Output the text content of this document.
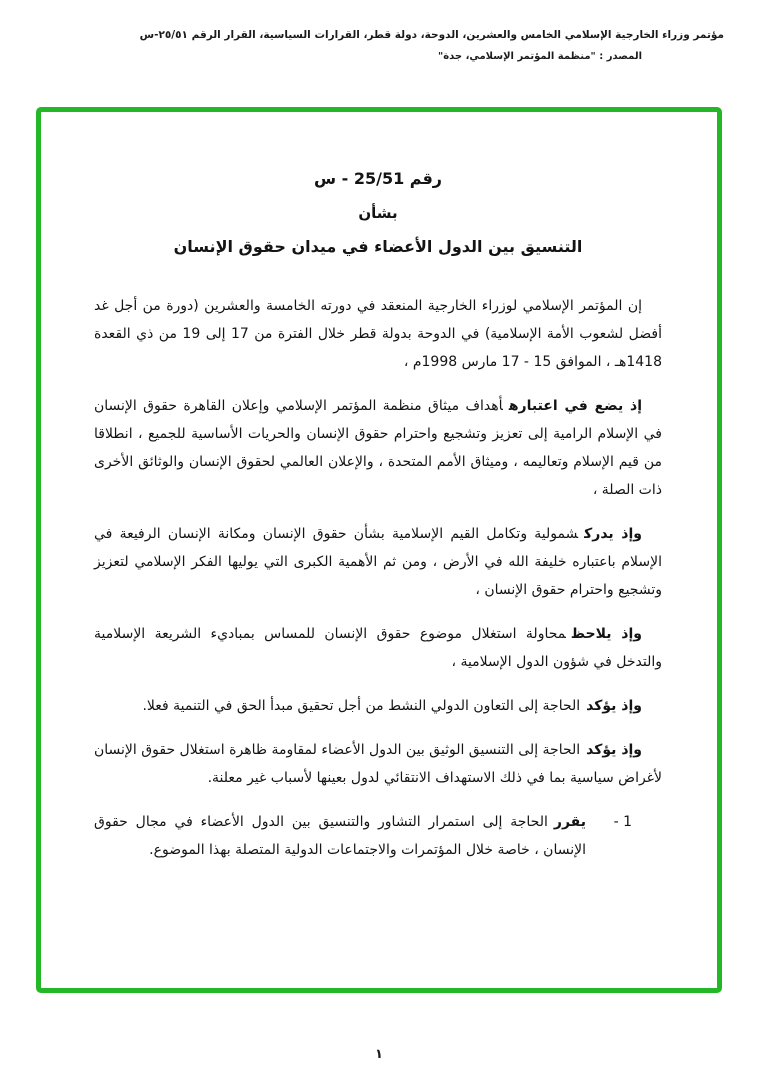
مؤتمر وزراء الخارجية الإسلامي الخامس والعشرين، الدوحة، دولة قطر، القرارات السياسية، القرار الرقم ٢٥/٥١-س
المصدر : "منظمة المؤتمر الإسلامي، جدة"
رقم 25/51 - س
بشأن
التنسيق بين الدول الأعضاء في ميدان حقوق الإنسان

إن المؤتمر الإسلامي لوزراء الخارجية المنعقد في دورته الخامسة والعشرين (دورة من أجل غد أفضل لشعوب الأمة الإسلامية) في الدوحة بدولة قطر خلال الفترة من 17 إلى 19 من ذي القعدة 1418هـ ، الموافق 15 - 17 مارس 1998م ،

إذ يضع في اعتبارهأهداف ميثاق منظمة المؤتمر الإسلامي وإعلان القاهرة حقوق الإنسان في الإسلام الرامية إلى تعزيز وتشجيع واحترام حقوق الإنسان والحريات الأساسية للجميع ، انطلاقا من قيم الإسلام وتعاليمه ، وميثاق الأمم المتحدة ، والإعلان العالمي لحقوق الإنسان والوثائق الأخرى ذات الصلة ،

وإذ يدركشمولية وتكامل القيم الإسلامية بشأن حقوق الإنسان ومكانة الإنسان الرفيعة في الإسلام باعتباره خليفة الله في الأرض ، ومن ثم الأهمية الكبرى التي يوليها الفكر الإسلامي لتعزيز وتشجيع واحترام حقوق الإنسان ،

وإذ يلاحظمحاولة استغلال موضوع حقوق الإنسان للمساس بمباديء الشريعة الإسلامية والتدخل في شؤون الدول الإسلامية ،

وإذ يؤكدالحاجة إلى التعاون الدولي النشط من أجل تحقيق مبدأ الحق في التنمية فعلا.

وإذ يؤكدالحاجة إلى التنسيق الوثيق بين الدول الأعضاء لمقاومة ظاهرة استغلال حقوق الإنسان لأغراض سياسية بما في ذلك الاستهداف الانتقائي لدول بعينها لأسباب غير معلنة.

1 -
يقررالحاجة إلى استمرار التشاور والتنسيق بين الدول الأعضاء في مجال حقوق الإنسان ، خاصة خلال المؤتمرات والاجتماعات الدولية المتصلة بهذا الموضوع.
١
